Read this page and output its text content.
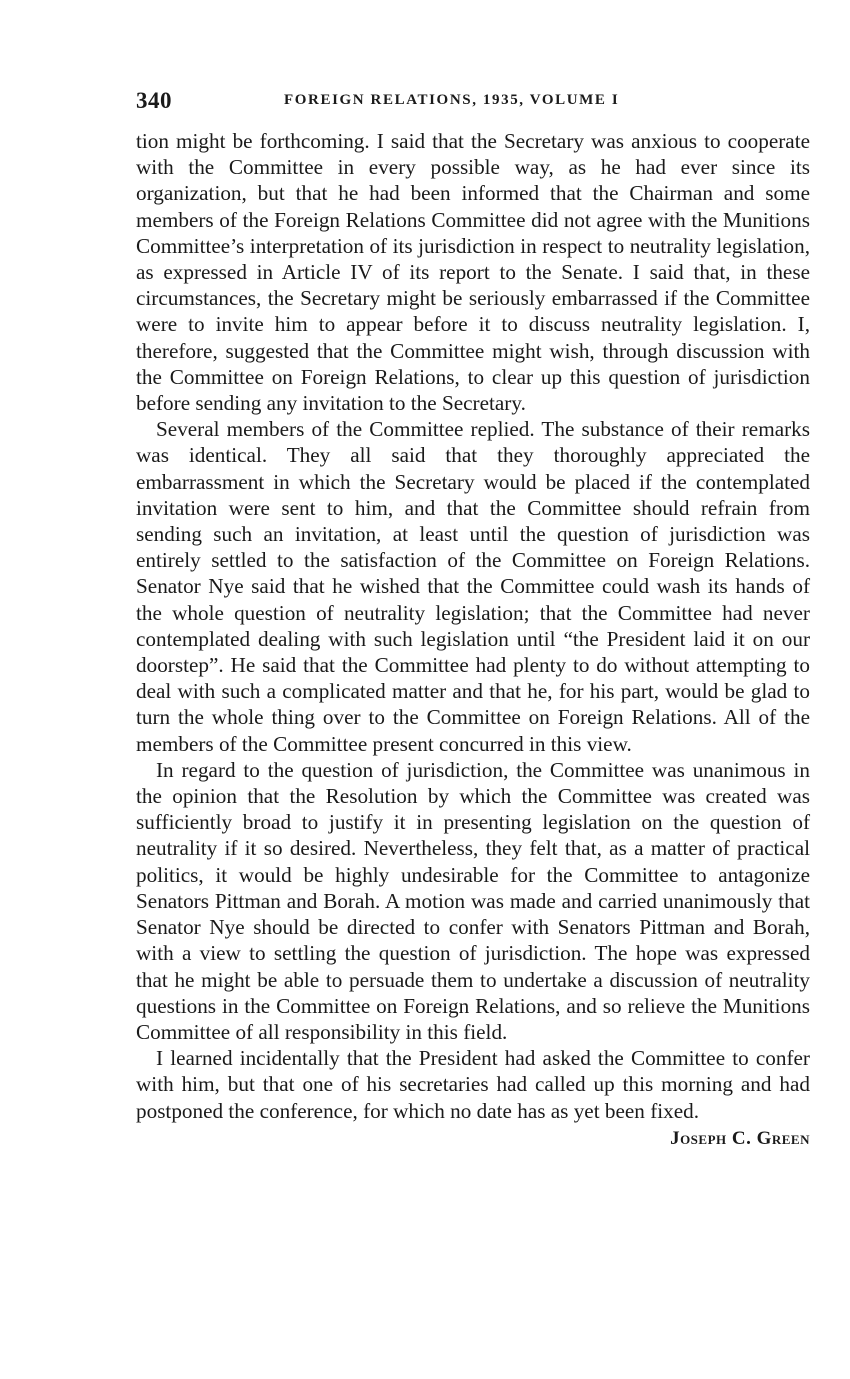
340	FOREIGN RELATIONS, 1935, VOLUME I

tion might be forthcoming. I said that the Secretary was anxious to cooperate with the Committee in every possible way, as he had ever since its organization, but that he had been informed that the Chairman and some members of the Foreign Relations Committee did not agree with the Munitions Committee’s interpretation of its jurisdiction in respect to neutrality legislation, as expressed in Article IV of its report to the Senate. I said that, in these circumstances, the Secretary might be seriously embarrassed if the Committee were to invite him to appear before it to discuss neutrality legislation. I, therefore, suggested that the Committee might wish, through discussion with the Committee on Foreign Relations, to clear up this question of jurisdiction before sending any invitation to the Secretary.

Several members of the Committee replied. The substance of their remarks was identical. They all said that they thoroughly appreciated the embarrassment in which the Secretary would be placed if the contemplated invitation were sent to him, and that the Committee should refrain from sending such an invitation, at least until the question of jurisdiction was entirely settled to the satisfaction of the Committee on Foreign Relations. Senator Nye said that he wished that the Committee could wash its hands of the whole question of neutrality legislation; that the Committee had never contemplated dealing with such legislation until “the President laid it on our doorstep”. He said that the Committee had plenty to do without attempting to deal with such a complicated matter and that he, for his part, would be glad to turn the whole thing over to the Committee on Foreign Relations. All of the members of the Committee present concurred in this view.

In regard to the question of jurisdiction, the Committee was unanimous in the opinion that the Resolution by which the Committee was created was sufficiently broad to justify it in presenting legislation on the question of neutrality if it so desired. Nevertheless, they felt that, as a matter of practical politics, it would be highly undesirable for the Committee to antagonize Senators Pittman and Borah. A motion was made and carried unanimously that Senator Nye should be directed to confer with Senators Pittman and Borah, with a view to settling the question of jurisdiction. The hope was expressed that he might be able to persuade them to undertake a discussion of neutrality questions in the Committee on Foreign Relations, and so relieve the Munitions Committee of all responsibility in this field.

I learned incidentally that the President had asked the Committee to confer with him, but that one of his secretaries had called up this morning and had postponed the conference, for which no date has as yet been fixed.

Joseph C. Green
